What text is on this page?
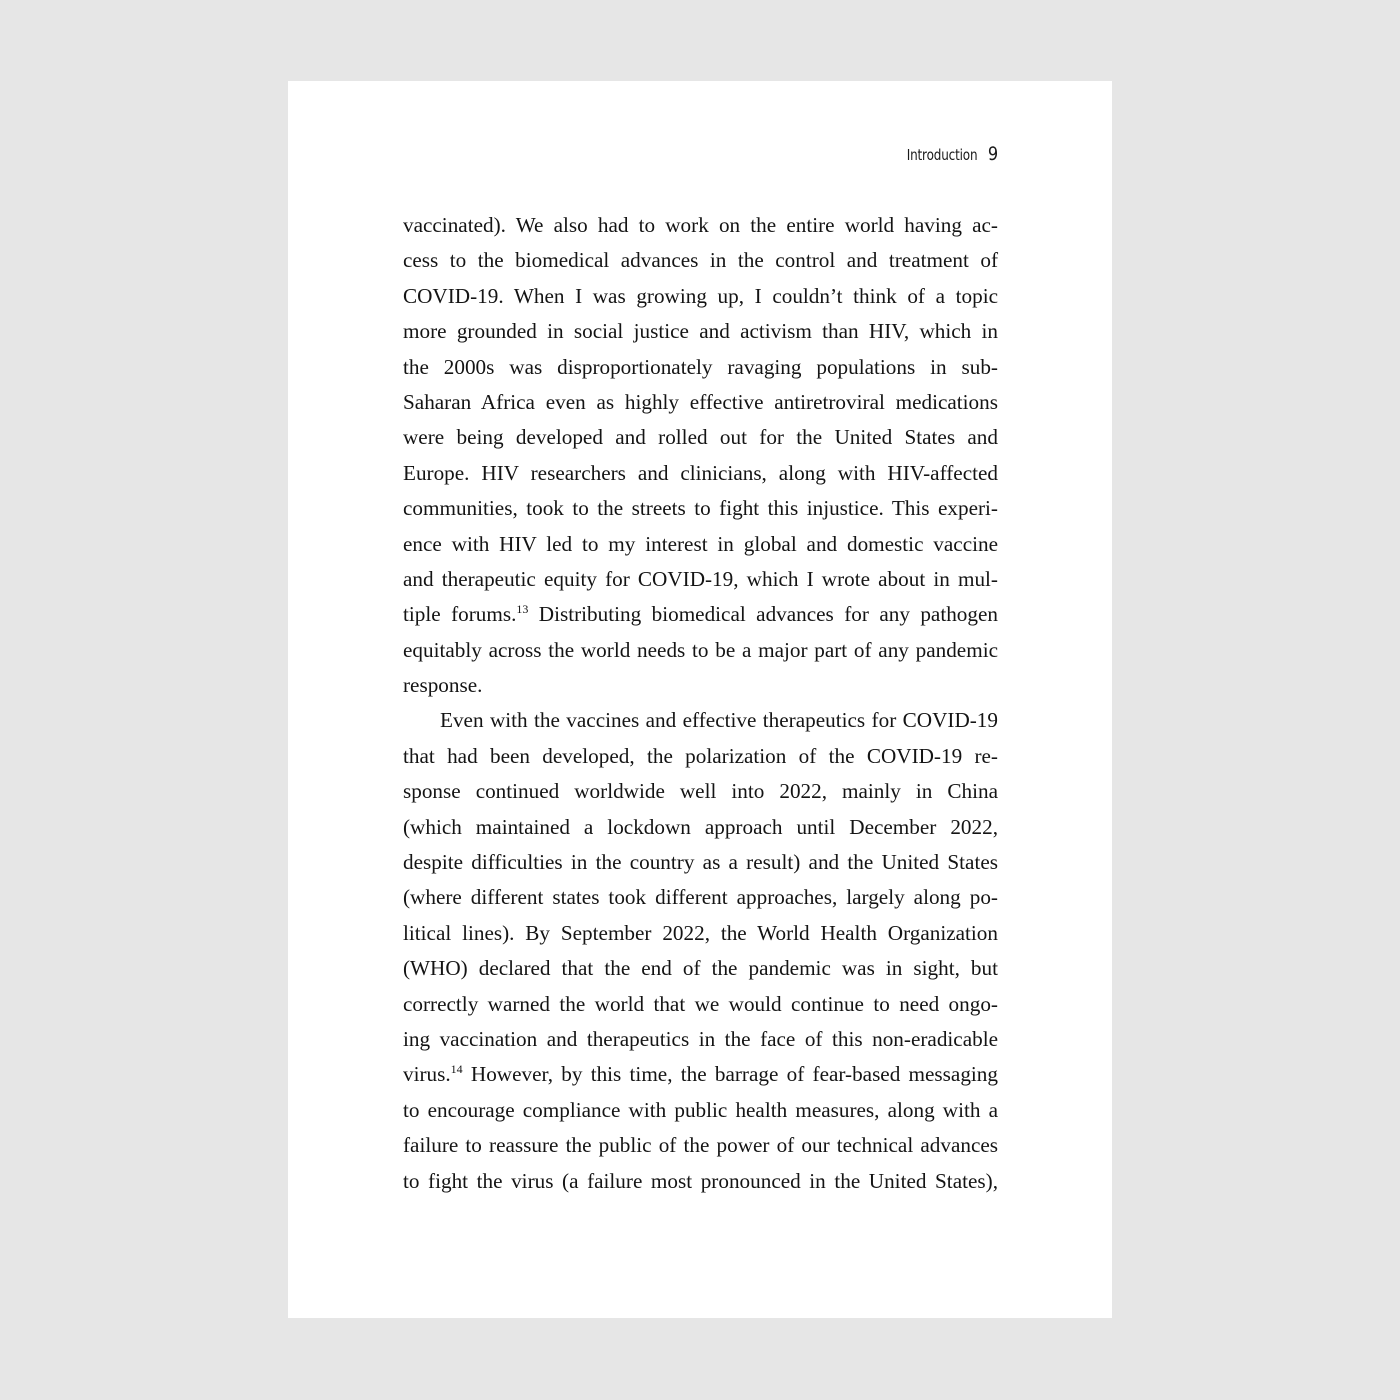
Introduction 9
vaccinated). We also had to work on the entire world having ac-
cess to the biomedical advances in the control and treatment of
COVID-19. When I was growing up, I couldn’t think of a topic
more grounded in social justice and activism than HIV, which in
the 2000s was disproportionately ravaging populations in sub-
Saharan Africa even as highly effective antiretroviral medications
were being developed and rolled out for the United States and
Europe. HIV researchers and clinicians, along with HIV-affected
communities, took to the streets to fight this injustice. This experi-
ence with HIV led to my interest in global and domestic vaccine
and therapeutic equity for COVID-19, which I wrote about in mul-
tiple forums.$^{13}$ Distributing biomedical advances for any pathogen
equitably across the world needs to be a major part of any pandemic
response.
Even with the vaccines and effective therapeutics for COVID-19
that had been developed, the polarization of the COVID-19 re-
sponse continued worldwide well into 2022, mainly in China
(which maintained a lockdown approach until December 2022,
despite difficulties in the country as a result) and the United States
(where different states took different approaches, largely along po-
litical lines). By September 2022, the World Health Organization
(WHO) declared that the end of the pandemic was in sight, but
correctly warned the world that we would continue to need ongo-
ing vaccination and therapeutics in the face of this non-eradicable
virus.$^{14}$ However, by this time, the barrage of fear-based messaging
to encourage compliance with public health measures, along with a
failure to reassure the public of the power of our technical advances
to fight the virus (a failure most pronounced in the United States),
